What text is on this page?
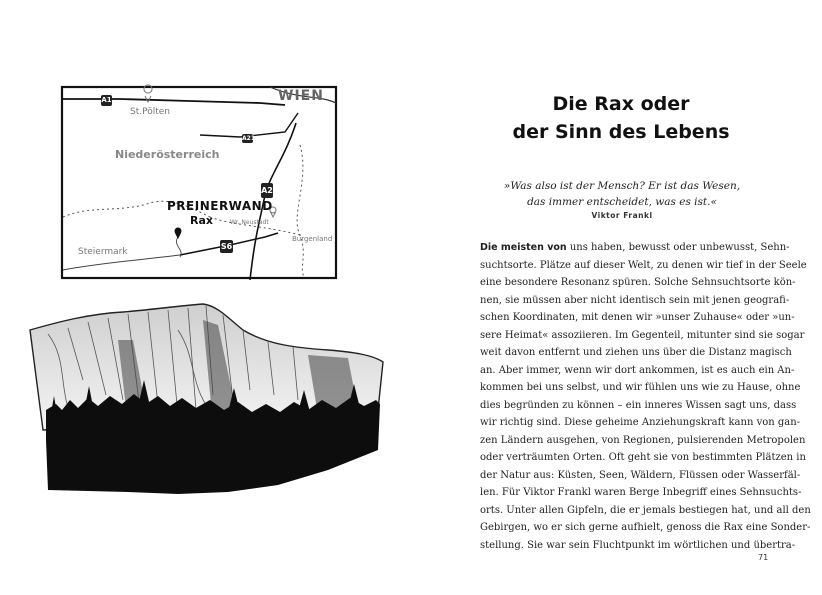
WIEN
St.Pölten
Niederösterreich
PREINERWAND
Rax
Steiermark
Wr. Neustadt
Burgenland
A1
A21
A2
S6
Die Rax oder
der Sinn des Lebens
»Was also ist der Mensch? Er ist das Wesen,
das immer entscheidet, was es ist.«
Viktor Frankl
Die meisten von uns haben, bewusst oder unbewusst, Sehn-
suchtsorte. Plätze auf dieser Welt, zu denen wir tief in der Seele
eine besondere Resonanz spüren. Solche Sehnsuchtsorte kön-
nen, sie müssen aber nicht identisch sein mit jenen geografi-
schen Koordinaten, mit denen wir »unser Zuhause« oder »un-
sere Heimat« assoziieren. Im Gegenteil, mitunter sind sie sogar
weit davon entfernt und ziehen uns über die Distanz magisch
an. Aber immer, wenn wir dort ankommen, ist es auch ein An-
kommen bei uns selbst, und wir fühlen uns wie zu Hause, ohne
dies begründen zu können – ein inneres Wissen sagt uns, dass
wir richtig sind. Diese geheime Anziehungskraft kann von gan-
zen Ländern ausgehen, von Regionen, pulsierenden Metropolen
oder verträumten Orten. Oft geht sie von bestimmten Plätzen in
der Natur aus: Küsten, Seen, Wäldern, Flüssen oder Wasserfäl-
len. Für Viktor Frankl waren Berge Inbegriff eines Sehnsuchts-
orts. Unter allen Gipfeln, die er jemals bestiegen hat, und all den
Gebirgen, wo er sich gerne aufhielt, genoss die Rax eine Sonder-
stellung. Sie war sein Fluchtpunkt im wörtlichen und übertra-
71
